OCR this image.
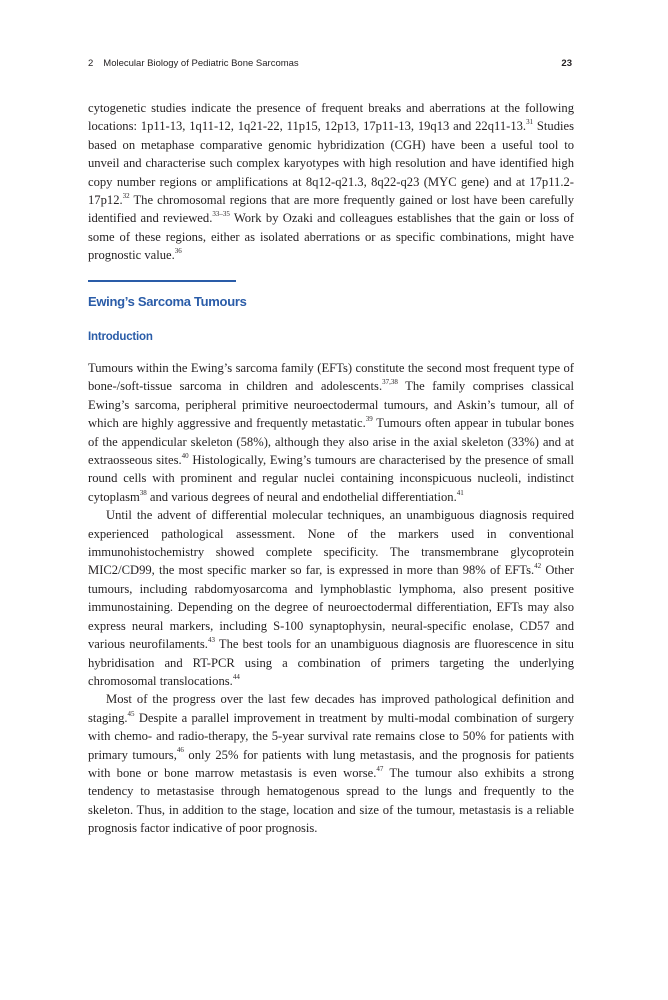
2 Molecular Biology of Pediatric Bone Sarcomas	23

cytogenetic studies indicate the presence of frequent breaks and aberrations at the following locations: 1p11-13, 1q11-12, 1q21-22, 11p15, 12p13, 17p11-13, 19q13 and 22q11-13.31 Studies based on metaphase comparative genomic hybridization (CGH) have been a useful tool to unveil and characterise such complex karyotypes with high resolution and have identified high copy number regions or amplifications at 8q12-q21.3, 8q22-q23 (MYC gene) and at 17p11.2-17p12.32 The chromosomal regions that are more frequently gained or lost have been carefully identified and reviewed.$^{33-35}$ Work by Ozaki and colleagues establishes that the gain or loss of some of these regions, either as isolated aberrations or as specific combinations, might have prognostic value.$^{36}$

Ewing’s Sarcoma Tumours
Introduction

Tumours within the Ewing’s sarcoma family (EFTs) constitute the second most frequent type of bone-/soft-tissue sarcoma in children and adolescents.$^{37,38}$ The family comprises classical Ewing’s sarcoma, peripheral primitive neuroectodermal tumours, and Askin’s tumour, all of which are highly aggressive and frequently metastatic.$^{39}$ Tumours often appear in tubular bones of the appendicular skeleton (58%), although they also arise in the axial skeleton (33%) and at extraosseous sites.$^{40}$ Histologically, Ewing’s tumours are characterised by the presence of small round cells with prominent and regular nuclei containing inconspicuous nucleoli, indistinct cytoplasm$^{38}$ and various degrees of neural and endothelial differentiation.$^{41}$

Until the advent of differential molecular techniques, an unambiguous diagnosis required experienced pathological assessment. None of the markers used in conventional immunohistochemistry showed complete specificity. The transmembrane glycoprotein MIC2/CD99, the most specific marker so far, is expressed in more than 98% of EFTs.$^{42}$ Other tumours, including rabdomyosarcoma and lymphoblastic lymphoma, also present positive immunostaining. Depending on the degree of neuroectodermal differentiation, EFTs may also express neural markers, including S-100 synaptophysin, neural-specific enolase, CD57 and various neurofilaments.$^{43}$ The best tools for an unambiguous diagnosis are fluorescence in situ hybridisation and RT-PCR using a combination of primers targeting the underlying chromosomal translocations.$^{44}$

Most of the progress over the last few decades has improved pathological definition and staging.$^{45}$ Despite a parallel improvement in treatment by multi-modal combination of surgery with chemo- and radio-therapy, the 5-year survival rate remains close to 50% for patients with primary tumours,$^{46}$ only 25% for patients with lung metastasis, and the prognosis for patients with bone or bone marrow metastasis is even worse.$^{47}$ The tumour also exhibits a strong tendency to metastasise through hematogenous spread to the lungs and frequently to the skeleton. Thus, in addition to the stage, location and size of the tumour, metastasis is a reliable prognosis factor indicative of poor prognosis.
